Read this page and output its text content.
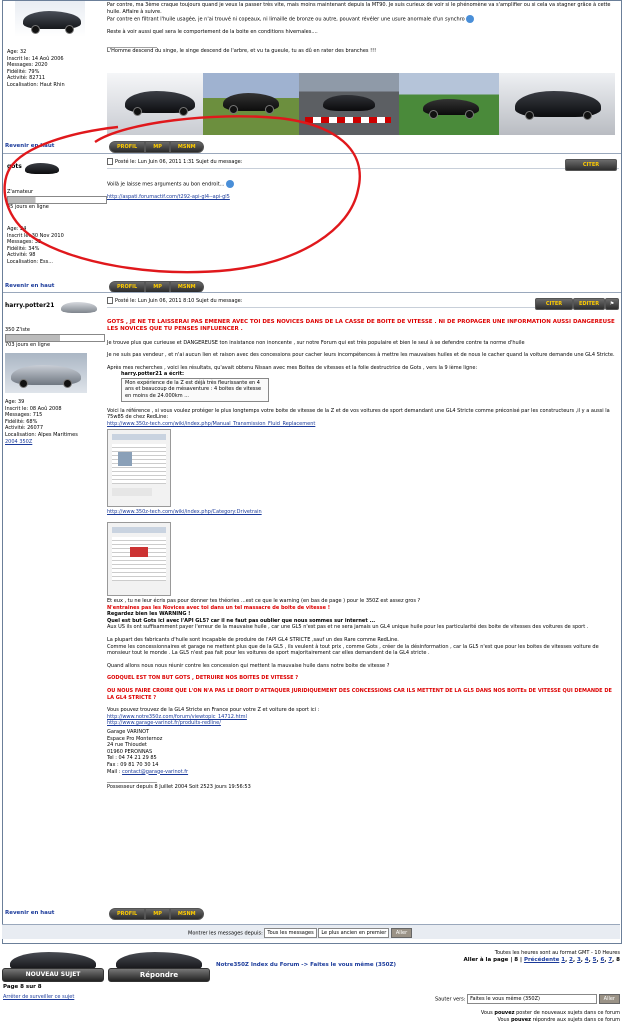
Age: 32
Inscrit le: 14 Aoû 2006
Messages: 2020
Fidélité: 79%
Activité: 82711
Localisation: Haut Rhin
Par contre, ma 3ème craque toujours quand je veux la passer très vite, mais moins maintenant depuis la MT90. Je suis curieux de voir si le phénomène va s'amplifier ou si cela va stagner grâce à cette huile. Affaire à suivre.
Par contre en filtrant l'huile usagée, je n'ai trouvé ni copeaux, ni limaille de bronze ou autre, pouvant révéler une usure anormale d'un synchro
Reste à voir aussi quel sera le comportement de la boite en conditions hivernales....
____________________
L'Homme descend du singe, le singe descend de l'arbre, et vu ta gueule, tu as dû en rater des branches !!!
Revenir en haut	PROFIL	MP	MSNM
gots
Z'amateur
45 jours en ligne
Age: 24
Inscrit le: 30 Nov 2010
Messages: 32
Fidélité: 34%
Activité: 98
Localisation: Ess...
Posté le: Lun Juin 06, 2011 1:31 Sujet du message:	CITER
Voilà je laisse mes arguments au bon endroit...
http://aspati.forumactif.com/t292-api-gl4--api-gl5
Revenir en haut	PROFIL	MP	MSNM
harry.potter21
350 Z'iste
703 jours en ligne
Age: 39
Inscrit le: 08 Aoû 2008
Messages: 715
Fidélité: 68%
Activité: 26077
Localisation: Alpes Maritimes
2004 350Z
Posté le: Lun Juin 06, 2011 8:10 Sujet du message:	CITER	EDITER	⚑
GOTS , JE NE TE LAISSERAI PAS EMENER AVEC TOI DES NOVICES DANS DE LA CASSE DE BOITE DE VITESSE . NI DE PROPAGER UNE INFORMATION AUSSI DANGEREUSE LES NOVICES QUE TU PENSES INFLUENCER .
Je trouve plus que curieuse et DANGEREUSE ton insistance non inoncente , sur notre Forum qui est très populaire et bien le seul à se defendre contre ta norme d'huile
Je ne suis pas vendeur , et n'ai aucun lien et raison avec des concessions pour cacher leurs incompétences à mettre les mauvaises huiles et de nous le cacher quand la voiture demande une GL4 Stricte.
Après mes recherches , voici les résultats, qu'avait obtenu Nissan avec mes Boites de vitesses et la folie destructrice de Gots , vers la 9 ième ligne:
harry.potter21 a écrit:
Mon expérience de la Z est déjà très fleurissante en 4 ans et beaucoup de mésaventure : 4 boites de vitesse en moins de 24.000km ...
Voici la référence , si vous voulez protéger le plus longtemps votre boite de vitesse de la Z et de vos voitures de sport demandant une GL4 Stricte comme préconisé par les constructeurs ,il y a aussi la 75w85 de chez RedLine:
http://www.350z-tech.com/wiki/index.php/Manual_Transmission_Fluid_Replacement
http://www.350z-tech.com/wiki/index.php/Category:Drivetrain
Et eux , tu ne leur écris pas pour donner tes théories ...est ce que le warning (en bas de page ) pour le 350Z est assez gros ?
N'entraines pas les Novices avec toi dans un tel massacre de boite de vitesse !
Regardez bien les WARNING !
Quel est but Gots ici avec l'API GL5? car il ne faut pas oublier que nous sommes sur internet ...
Aux US ils ont suffisamment payer l'erreur de la mauvaise huile , car une GL5 n'est pas et ne sera jamais un GL4 unique huile pour les particularité des boite de vitesses des voitures de sport .
La plupart des fabricants d'huile sont incapable de produire de l'API GL4 STRICTE ,sauf un des Rare comme RedLine.
Comme les concessionnaires et garage ne mettent plus que de la GL5 , ils veulent à tout prix , comme Gots , créer de la désinformation , car la GL5 n'est que pour les boites de vitesses voiture de monsieur tout le monde . La GL5 n'est pas fait pour les voitures de sport majoritairement car elles demandent de la GL4 stricte .
Quand allons nous nous réunir contre les concession qui mettent la mauvaise huile dans notre boite de vitesse ?
GODQUEL EST TON BUT GOTS , DETRUIRE NOS BOITES DE VITESSE ?
OU NOUS FAIRE CROIRE QUE L'ON N'A PAS LE DROIT D'ATTAQUER JURIDIQUEMENT DES CONCESSIONS CAR ILS METTENT DE LA GL5 DANS NOS BOITEs DE VITESSE QUI DEMANDE DE LA GL4 STRICTE ?
Vous pouvez trouvez de la GL4 Stricte en France pour votre Z et voiture de sport ici :
http://www.notre350z.com/forum/viewtopic_14712.html
http://www.garage-varinot.fr/produits-redline/
Garage VARINOT
Espace Pro Monternoz
24 rue Thioudet
01960 PERONNAS
Tel : 04 74 21 29 85
Fax : 09 81 70 30 14
Mail : contact@garage-varinot.fr
____________________
Possesseur depuis 8 Juillet 2004 Soit 2523 jours 19:56:53
Revenir en haut	PROFIL	MP	MSNM
Montrer les messages depuis: Tous les messages Le plus ancien en premier Aller
NOUVEAU SUJET	Répondre
Notre350Z Index du Forum -> Faites le vous même (350Z)
Toutes les heures sont au format GMT - 10 Heures
Aller à la page | 8 | Précédente 1, 2, 3, 4, 5, 6, 7, 8
Page 8 sur 8
Arrêter de surveiller ce sujet	Sauter vers: Faites le vous même (350Z)	Aller
Vous pouvez poster de nouveaux sujets dans ce forum
Vous pouvez répondre aux sujets dans ce forum
